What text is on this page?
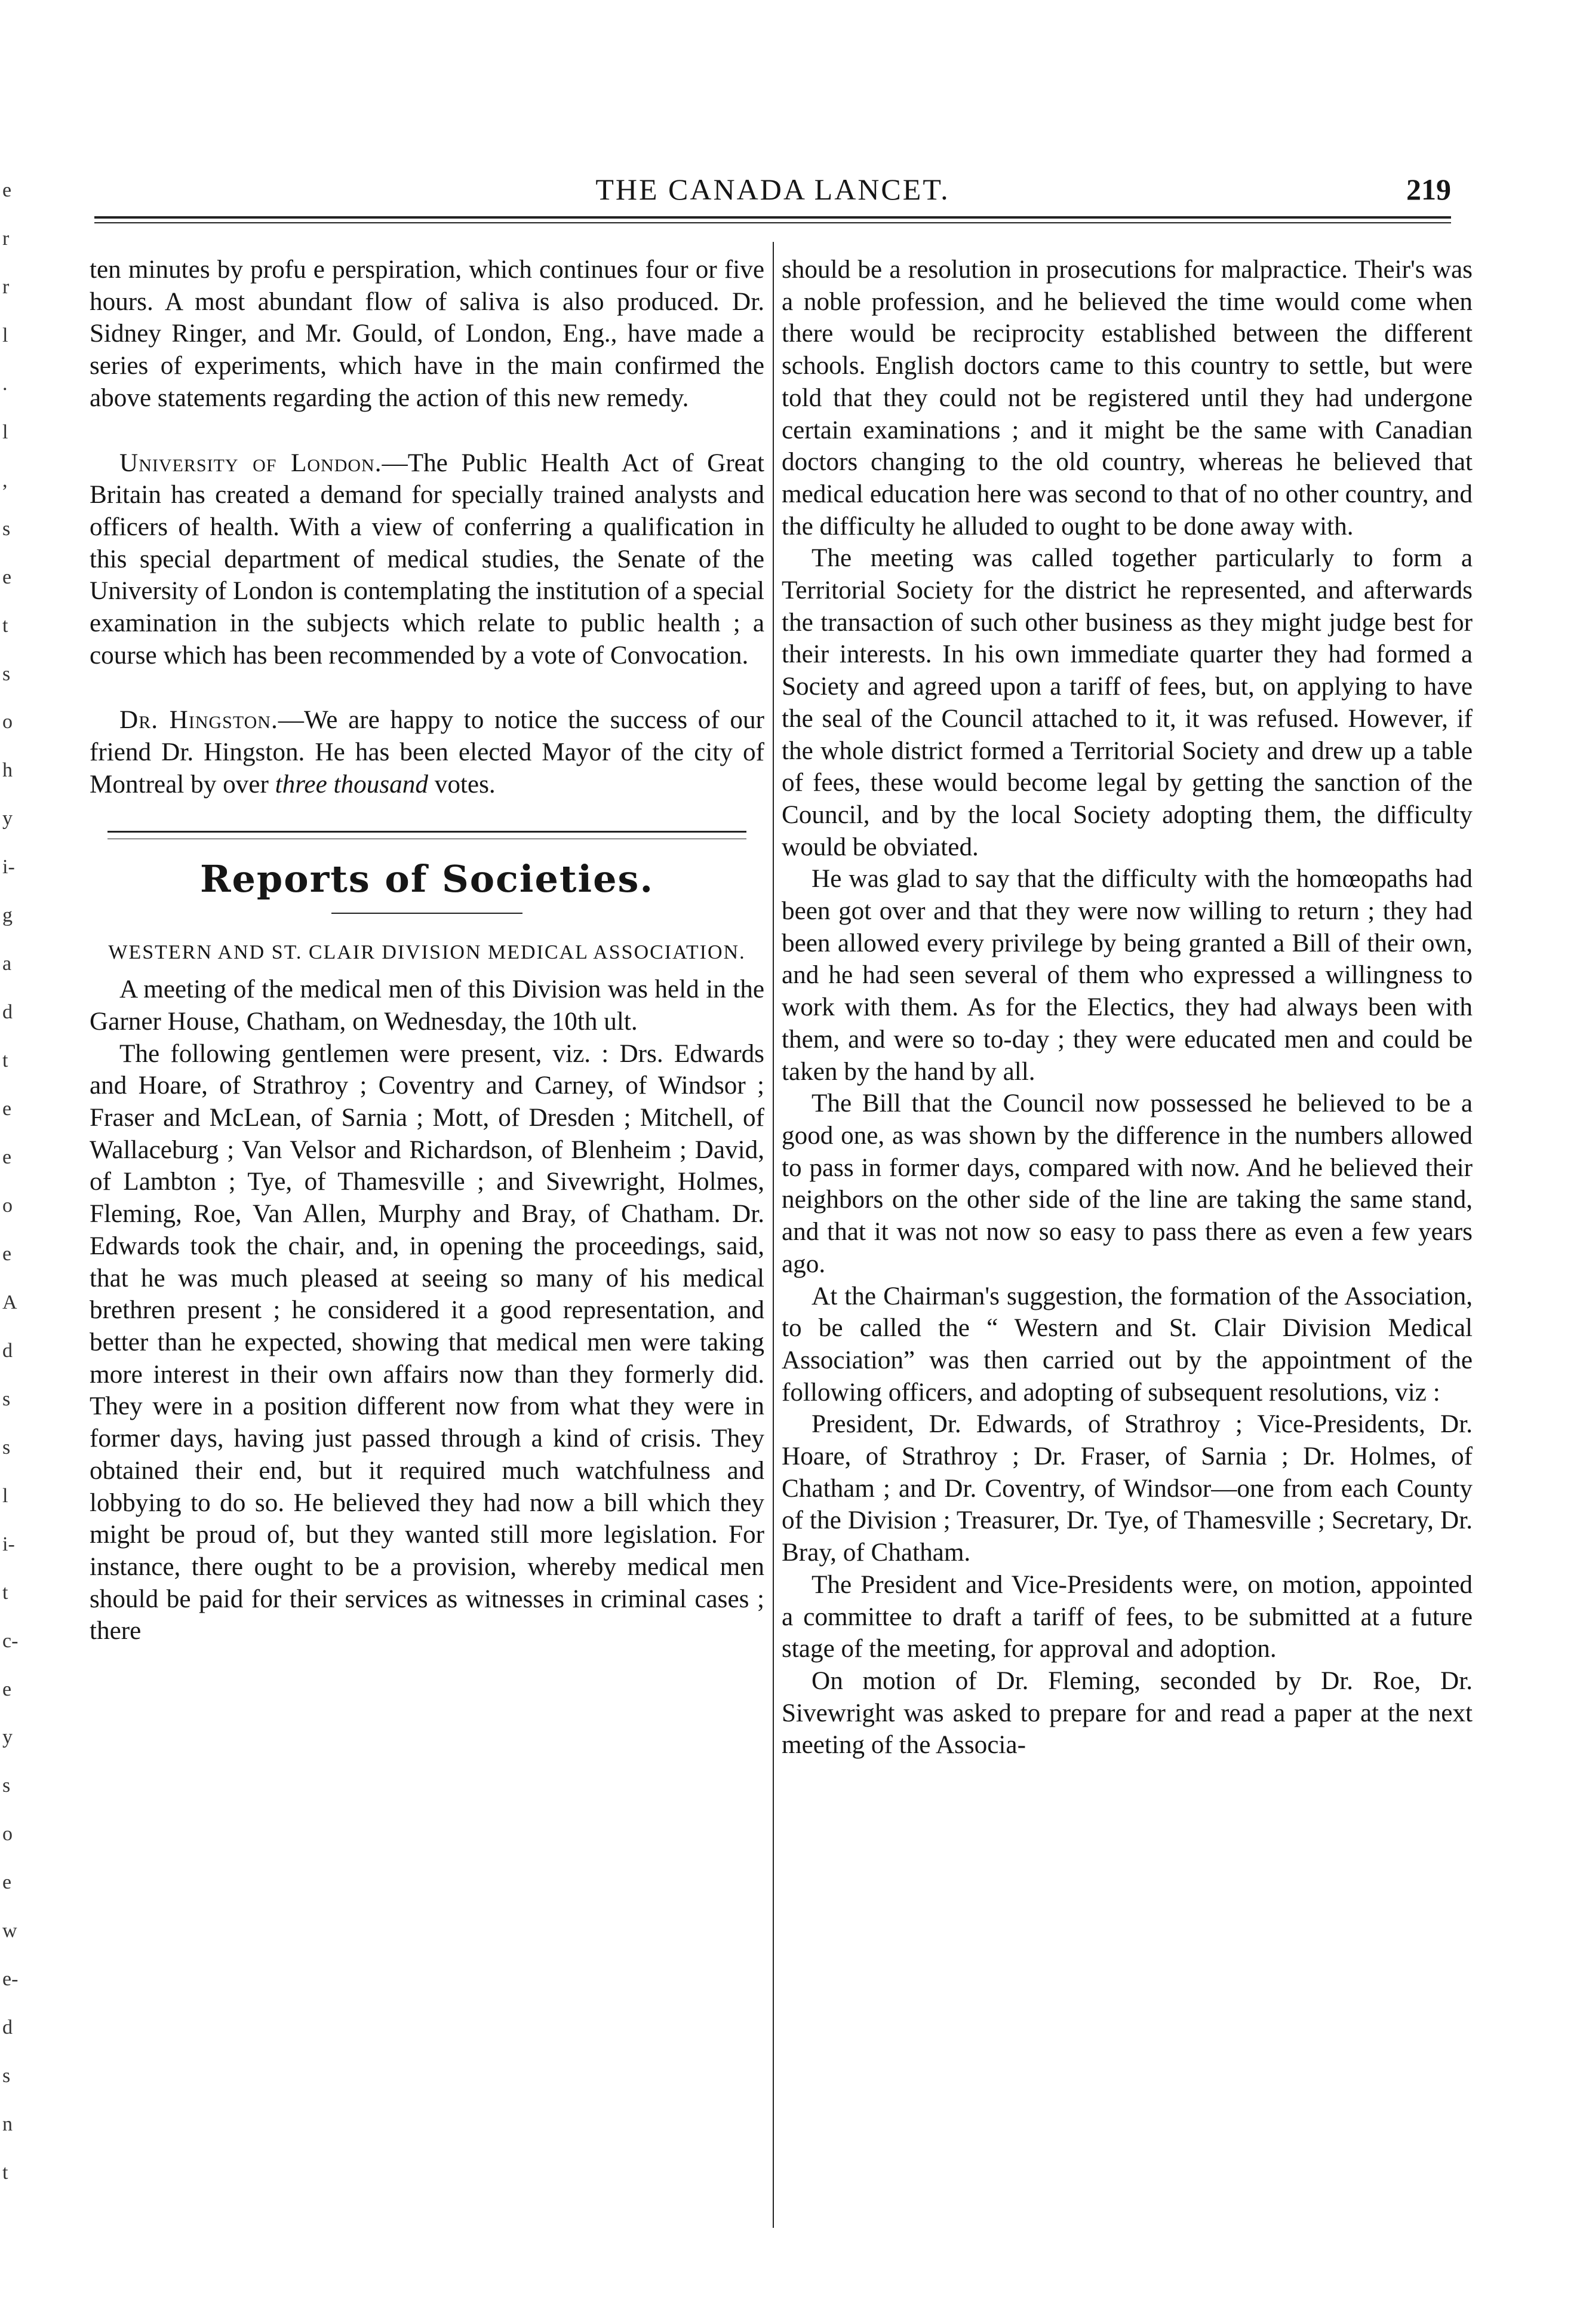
e
r
r
l
.
l
,
s
e
t
s
o
h
y
i-
g
a
d
t
e
e
o
e
A
d
s
s
l
i-
t
c-
e
y
s
o
e
w
e-
d
s
n
t
THE CANADA LANCET.	219

ten minutes by profu e perspiration, which continues four or five hours. A most abundant flow of saliva is also produced. Dr. Sidney Ringer, and Mr. Gould, of London, Eng., have made a series of experiments, which have in the main confirmed the above statements regarding the action of this new remedy.

University of London.—The Public Health Act of Great Britain has created a demand for specially trained analysts and officers of health. With a view of conferring a qualification in this special department of medical studies, the Senate of the University of London is contemplating the institution of a special examination in the subjects which relate to public health ; a course which has been recommended by a vote of Convocation.

Dr. Hingston.—We are happy to notice the success of our friend Dr. Hingston. He has been elected Mayor of the city of Montreal by over three thousand votes.

Reports of Societies.
WESTERN AND ST. CLAIR DIVISION MEDICAL ASSOCIATION.

A meeting of the medical men of this Division was held in the Garner House, Chatham, on Wednesday, the 10th ult.

The following gentlemen were present, viz. : Drs. Edwards and Hoare, of Strathroy ; Coventry and Carney, of Windsor ; Fraser and McLean, of Sarnia ; Mott, of Dresden ; Mitchell, of Wallaceburg ; Van Velsor and Richardson, of Blenheim ; David, of Lambton ; Tye, of Thamesville ; and Sivewright, Holmes, Fleming, Roe, Van Allen, Murphy and Bray, of Chatham. Dr. Edwards took the chair, and, in opening the proceedings, said, that he was much pleased at seeing so many of his medical brethren present ; he considered it a good representation, and better than he expected, showing that medical men were taking more interest in their own affairs now than they formerly did. They were in a position different now from what they were in former days, having just passed through a kind of crisis. They obtained their end, but it required much watchfulness and lobbying to do so. He believed they had now a bill which they might be proud of, but they wanted still more legislation. For instance, there ought to be a provision, whereby medical men should be paid for their services as witnesses in criminal cases ; there

should be a resolution in prosecutions for malpractice. Their's was a noble profession, and he believed the time would come when there would be reciprocity established between the different schools. English doctors came to this country to settle, but were told that they could not be registered until they had undergone certain examinations ; and it might be the same with Canadian doctors changing to the old country, whereas he believed that medical education here was second to that of no other country, and the difficulty he alluded to ought to be done away with.

The meeting was called together particularly to form a Territorial Society for the district he represented, and afterwards the transaction of such other business as they might judge best for their interests. In his own immediate quarter they had formed a Society and agreed upon a tariff of fees, but, on applying to have the seal of the Council attached to it, it was refused. However, if the whole district formed a Territorial Society and drew up a table of fees, these would become legal by getting the sanction of the Council, and by the local Society adopting them, the difficulty would be obviated.

He was glad to say that the difficulty with the homœopaths had been got over and that they were now willing to return ; they had been allowed every privilege by being granted a Bill of their own, and he had seen several of them who expressed a willingness to work with them. As for the Electics, they had always been with them, and were so to-day ; they were educated men and could be taken by the hand by all.

The Bill that the Council now possessed he believed to be a good one, as was shown by the difference in the numbers allowed to pass in former days, compared with now. And he believed their neighbors on the other side of the line are taking the same stand, and that it was not now so easy to pass there as even a few years ago.

At the Chairman's suggestion, the formation of the Association, to be called the “ Western and St. Clair Division Medical Association” was then carried out by the appointment of the following officers, and adopting of subsequent resolutions, viz :

President, Dr. Edwards, of Strathroy ; Vice-Presidents, Dr. Hoare, of Strathroy ; Dr. Fraser, of Sarnia ; Dr. Holmes, of Chatham ; and Dr. Coventry, of Windsor—one from each County of the Division ; Treasurer, Dr. Tye, of Thamesville ; Secretary, Dr. Bray, of Chatham.

The President and Vice-Presidents were, on motion, appointed a committee to draft a tariff of fees, to be submitted at a future stage of the meeting, for approval and adoption.

On motion of Dr. Fleming, seconded by Dr. Roe, Dr. Sivewright was asked to prepare for and read a paper at the next meeting of the Associa-
